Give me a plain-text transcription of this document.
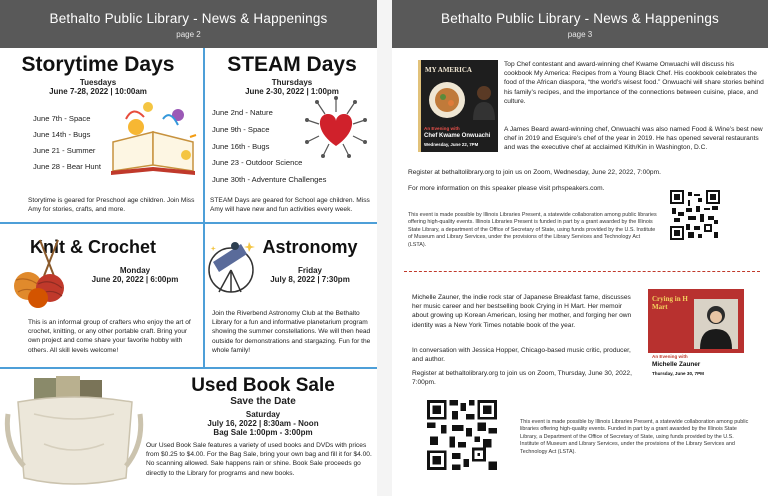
Bethalto Public Library - News & Happenings
page 2
Storytime Days
Tuesdays
June 7-28, 2022 | 10:00am
June 7th - Space
June 14th - Bugs
June 21 - Summer
June 28 - Bear Hunt
Storytime is geared for Preschool age children. Join Miss Amy for stories, crafts, and more.
STEAM Days
Thursdays
June 2-30, 2022 | 1:00pm
June 2nd - Nature
June 9th - Space
June 16th - Bugs
June 23 - Outdoor Science
June 30th - Adventure Challenges
STEAM Days are geared for School age children. Miss Amy will have new and fun activities every week.
Knit & Crochet
Monday
June 20, 2022 | 6:00pm
This is an informal group of crafters who enjoy the art of crochet, knitting, or any other portable craft. Bring your own project and come share your favorite hobby with others. All skill levels welcome!
Astronomy
Friday
July 8, 2022 | 7:30pm
Join the Riverbend Astronomy Club at the Bethalto Library for a fun and informative planetarium program showing the summer constellations. We will then head outside for demonstrations and stargazing. Fun for the whole family!
Used Book Sale
Save the Date
Saturday
July 16, 2022 | 8:30am - Noon
Bag Sale 1:00pm - 3:00pm
Our Used Book Sale features a variety of used books and DVDs with prices from $0.25 to $4.00. For the Bag Sale, bring your own bag and fill it for $4.00. No scanning allowed. Sale happens rain or shine. Book Sale proceeds go directly to the Library for programs and new books.
Bethalto Public Library - News & Happenings
page 3
MY AMERICA
An Evening with
Chef Kwame Onwuachi
Wednesday, June 22, 7PM
Top Chef contestant and award-winning chef Kwame Onwuachi will discuss his cookbook My America: Recipes from a Young Black Chef. His cookbook celebrates the food of the African diaspora, “the world’s wisest food.” Onwuachi will share stories behind his family’s recipes, and the importance of the connections between cuisine, place, and culture.
A James Beard award-winning chef, Onwuachi was also named Food & Wine’s best new chef in 2019 and Esquire’s chef of the year in 2019. He has opened several restaurants and was the executive chef at acclaimed Kith/Kin in Washington, D.C.
Register at bethaltolibrary.org to join us on Zoom, Wednesday, June 22, 2022, 7:00pm.
For more information on this speaker please visit prhspeakers.com.
This event is made possible by Illinois Libraries Present, a statewide collaboration among public libraries offering high-quality events. Illinois Libraries Present is funded in part by a grant awarded by the Illinois State Library, a department of the Office of Secretary of State, using funds provided by the U.S. Institute of Museum and Library Services, under the provisions of the Library Services and Technology Act (LSTA).
Michelle Zauner, the indie rock star of Japanese Breakfast fame, discusses her music career and her bestselling book Crying in H Mart. Her memoir about growing up Korean American, losing her mother, and forging her own identity was a New York Times notable book of the year.
In conversation with Jessica Hopper, Chicago-based music critic, producer, and author.
Register at bethaltolibrary.org to join us on Zoom, Thursday, June 30, 2022, 7:00pm.
Crying in H Mart
An Evening with
Michelle Zauner
Thursday, June 30, 7PM
This event is made possible by Illinois Libraries Present, a statewide collaboration among public libraries offering high-quality events. Funded in part by a grant awarded by the Illinois State Library, a Department of the Office of Secretary of State, using funds provided by the U.S. Institute of Museum and Library Services, under the provisions of the Library Services and Technology Act (LSTA).
